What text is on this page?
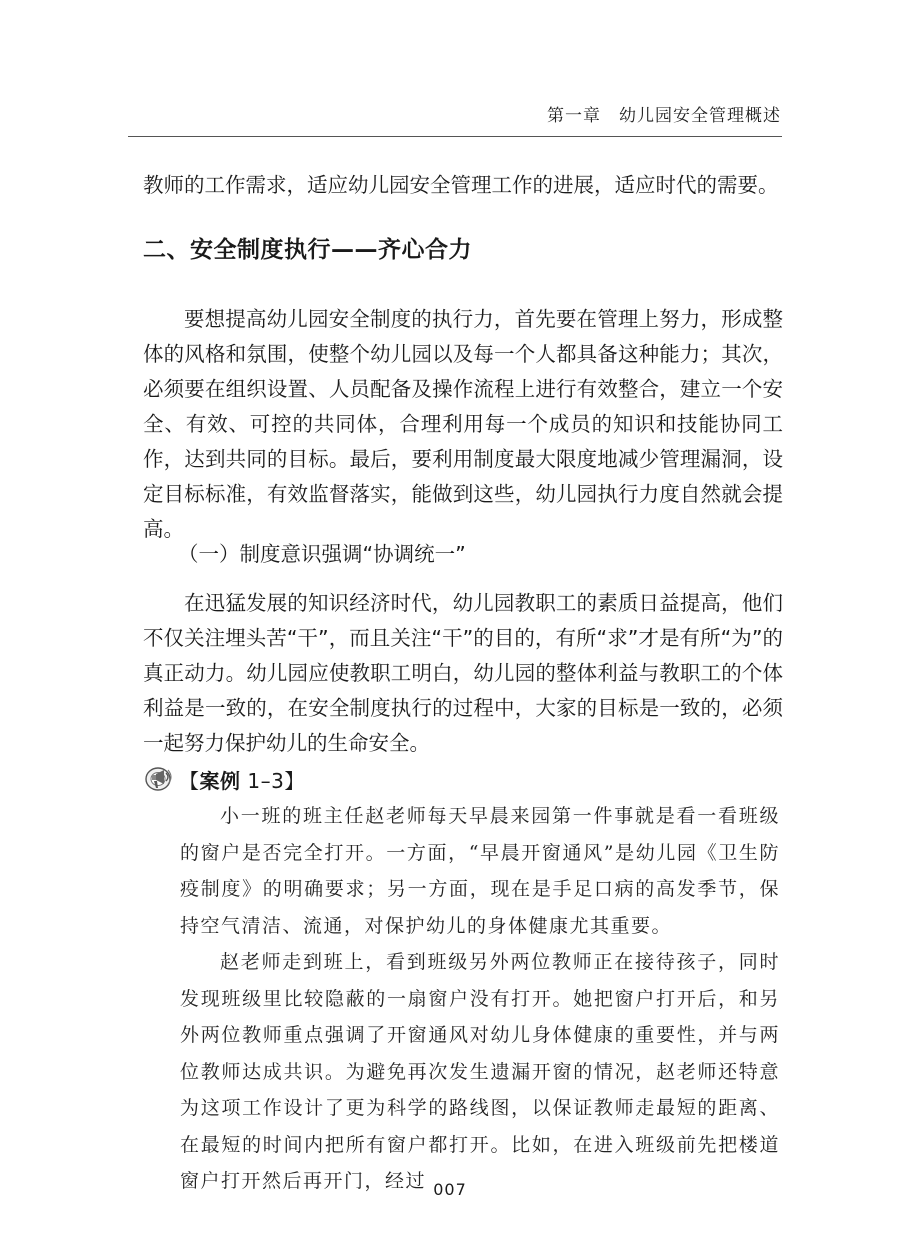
第一章 幼儿园安全管理概述

教师的工作需求，适应幼儿园安全管理工作的进展，适应时代的需要。

二、安全制度执行——齐心合力

要想提高幼儿园安全制度的执行力，首先要在管理上努力，形成整体的风格和氛围，使整个幼儿园以及每一个人都具备这种能力；其次，必须要在组织设置、人员配备及操作流程上进行有效整合，建立一个安全、有效、可控的共同体，合理利用每一个成员的知识和技能协同工作，达到共同的目标。最后，要利用制度最大限度地减少管理漏洞，设定目标标准，有效监督落实，能做到这些，幼儿园执行力度自然就会提高。

（一）制度意识强调“协调统一”

在迅猛发展的知识经济时代，幼儿园教职工的素质日益提高，他们不仅关注埋头苦“干”，而且关注“干”的目的，有所“求”才是有所“为”的真正动力。幼儿园应使教职工明白，幼儿园的整体利益与教职工的个体利益是一致的，在安全制度执行的过程中，大家的目标是一致的，必须一起努力保护幼儿的生命安全。

【案例 1–3】

小一班的班主任赵老师每天早晨来园第一件事就是看一看班级的窗户是否完全打开。一方面，“早晨开窗通风”是幼儿园《卫生防疫制度》的明确要求；另一方面，现在是手足口病的高发季节，保持空气清洁、流通，对保护幼儿的身体健康尤其重要。

赵老师走到班上，看到班级另外两位教师正在接待孩子，同时发现班级里比较隐蔽的一扇窗户没有打开。她把窗户打开后，和另外两位教师重点强调了开窗通风对幼儿身体健康的重要性，并与两位教师达成共识。为避免再次发生遗漏开窗的情况，赵老师还特意为这项工作设计了更为科学的路线图，以保证教师走最短的距离、在最短的时间内把所有窗户都打开。比如，在进入班级前先把楼道窗户打开然后再开门，经过 007
